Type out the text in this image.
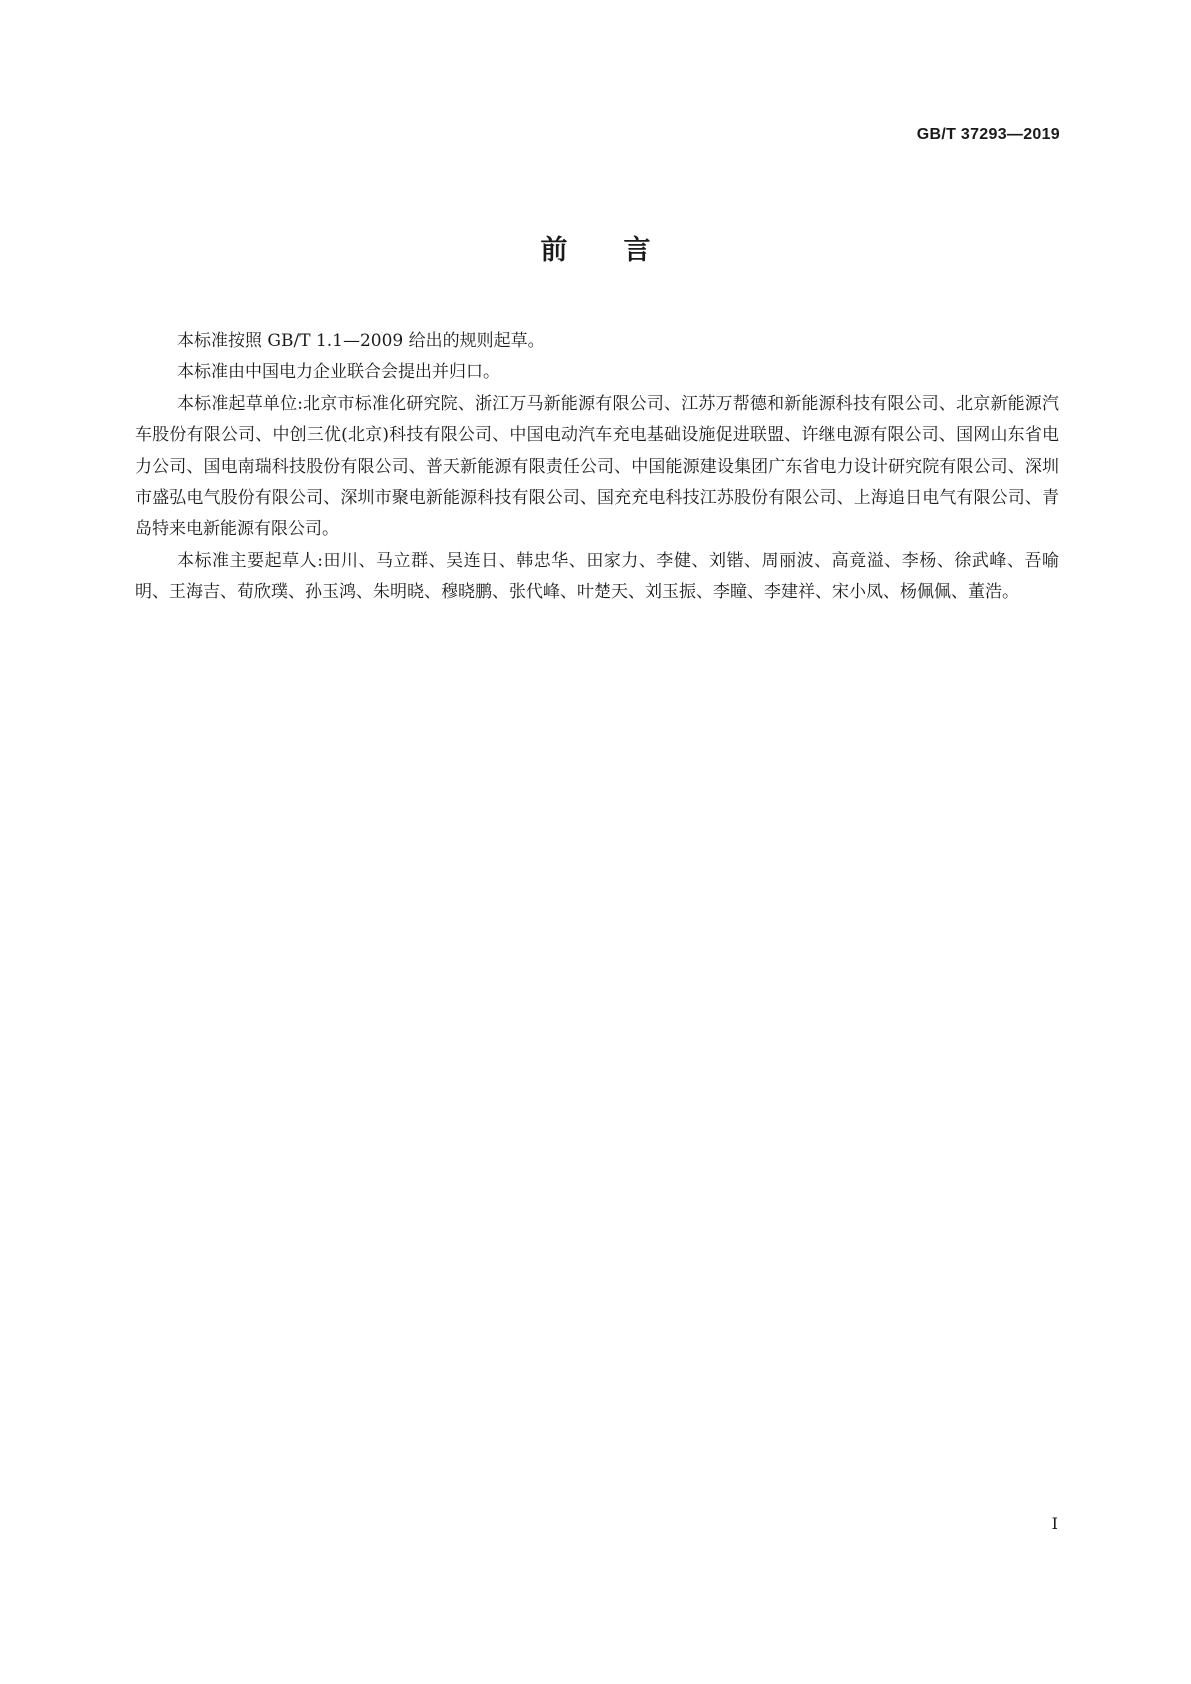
GB/T 37293—2019
前 言

本标准按照 GB/T 1.1—2009 给出的规则起草。

本标准由中国电力企业联合会提出并归口。

本标准起草单位:北京市标准化研究院、浙江万马新能源有限公司、江苏万帮德和新能源科技有限公司、北京新能源汽车股份有限公司、中创三优(北京)科技有限公司、中国电动汽车充电基础设施促进联盟、许继电源有限公司、国网山东省电力公司、国电南瑞科技股份有限公司、普天新能源有限责任公司、中国能源建设集团广东省电力设计研究院有限公司、深圳市盛弘电气股份有限公司、深圳市聚电新能源科技有限公司、国充充电科技江苏股份有限公司、上海追日电气有限公司、青岛特来电新能源有限公司。

本标准主要起草人:田川、马立群、吴连日、韩忠华、田家力、李健、刘锴、周丽波、高竟溢、李杨、徐武峰、吾喻明、王海吉、荀欣璞、孙玉鸿、朱明晓、穆晓鹏、张代峰、叶楚天、刘玉振、李瞳、李建祥、宋小凤、杨佩佩、董浩。

I
